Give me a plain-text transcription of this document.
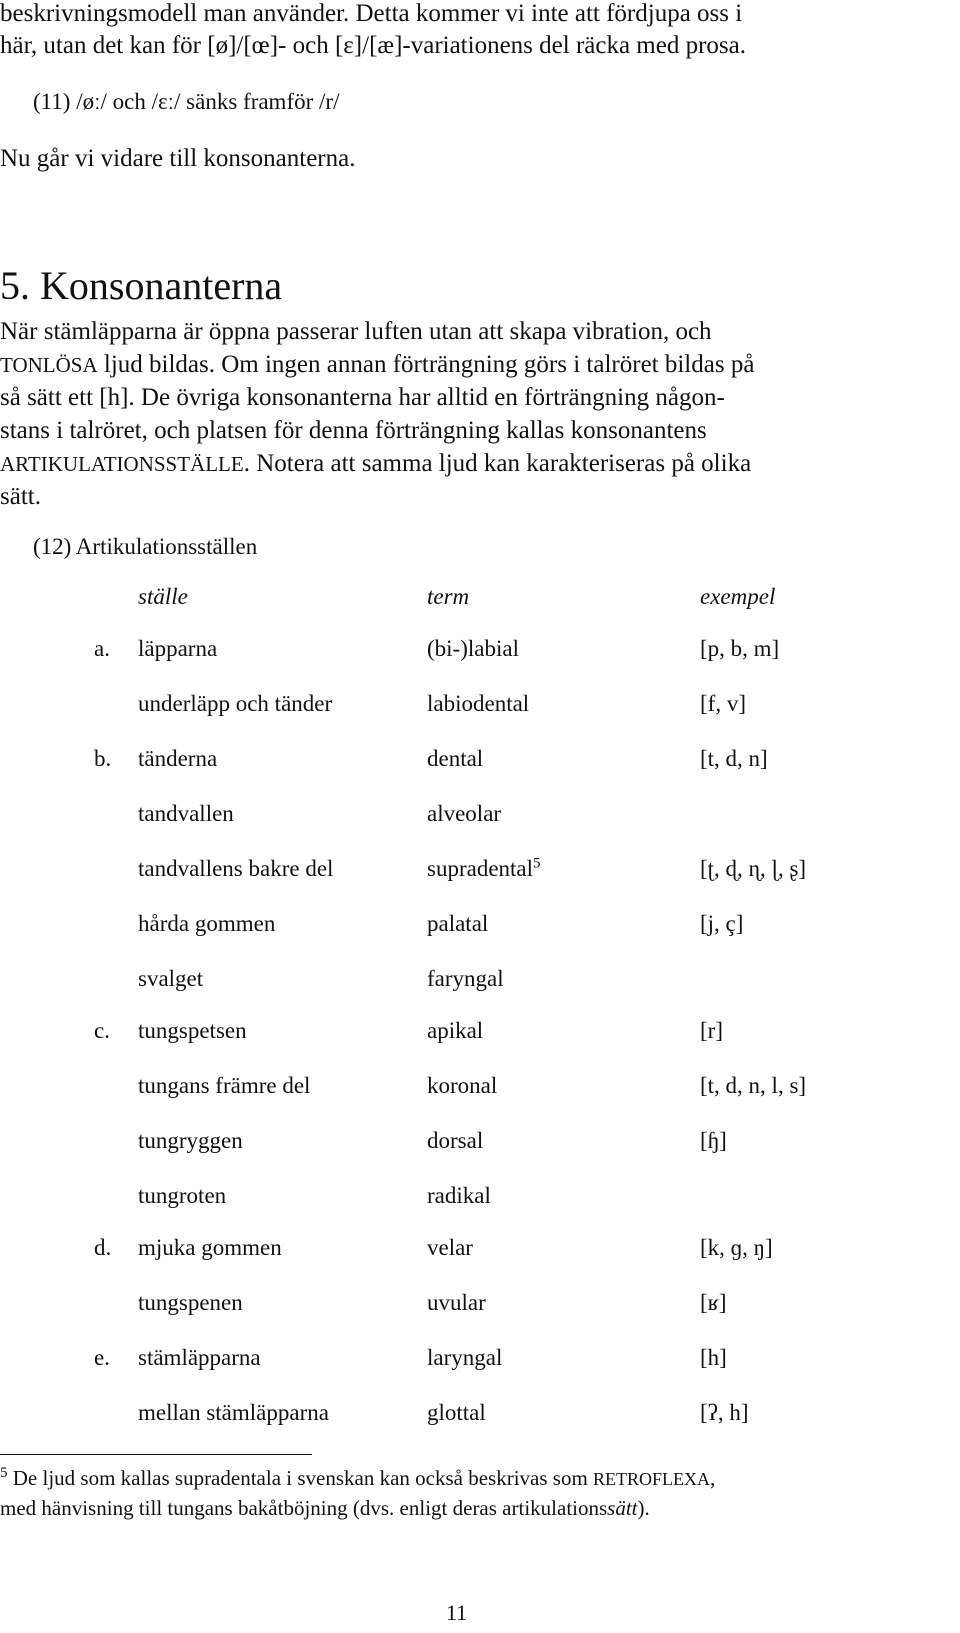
beskrivningsmodell man använder. Detta kommer vi inte att fördjupa oss i
här, utan det kan för [ø]/[œ]- och [ɛ]/[æ]-variationens del räcka med prosa.
(11) /øː/ och /ɛː/ sänks framför /r/
Nu går vi vidare till konsonanterna.
5. Konsonanterna
När stämläpparna är öppna passerar luften utan att skapa vibration, och
TONLÖSA ljud bildas. Om ingen annan förträngning görs i talröret bildas på
så sätt ett [h]. De övriga konsonanterna har alltid en förträngning någon-
stans i talröret, och platsen för denna förträngning kallas konsonantens
ARTIKULATIONSSTÄLLE. Notera att samma ljud kan karakteriseras på olika
sätt.
(12) Artikulationsställen
ställe	term	exempel
a. läpparna	(bi-)labial	[p, b, m]
underläpp och tänder	labiodental	[f, v]
b. tänderna	dental	[t, d, n]
tandvallen	alveolar
tandvallens bakre del	supradental$^5$	[ʈ, ɖ, ɳ, ɭ, ʂ]
hårda gommen	palatal	[j, ç]
svalget	faryngal
c. tungspetsen	apikal	[r]
tungans främre del	koronal	[t, d, n, l, s]
tungryggen	dorsal	[ɧ]
tungroten	radikal
d. mjuka gommen	velar	[k, ɡ, ŋ]
tungspenen	uvular	[ʁ]
e. stämläpparna	laryngal	[h]
mellan stämläpparna	glottal	[ʔ, h]
$^5$ De ljud som kallas supradentala i svenskan kan också beskrivas som RETROFLEXA,
med hänvisning till tungans bakåtböjning (dvs. enligt deras artikulationssätt).
11
